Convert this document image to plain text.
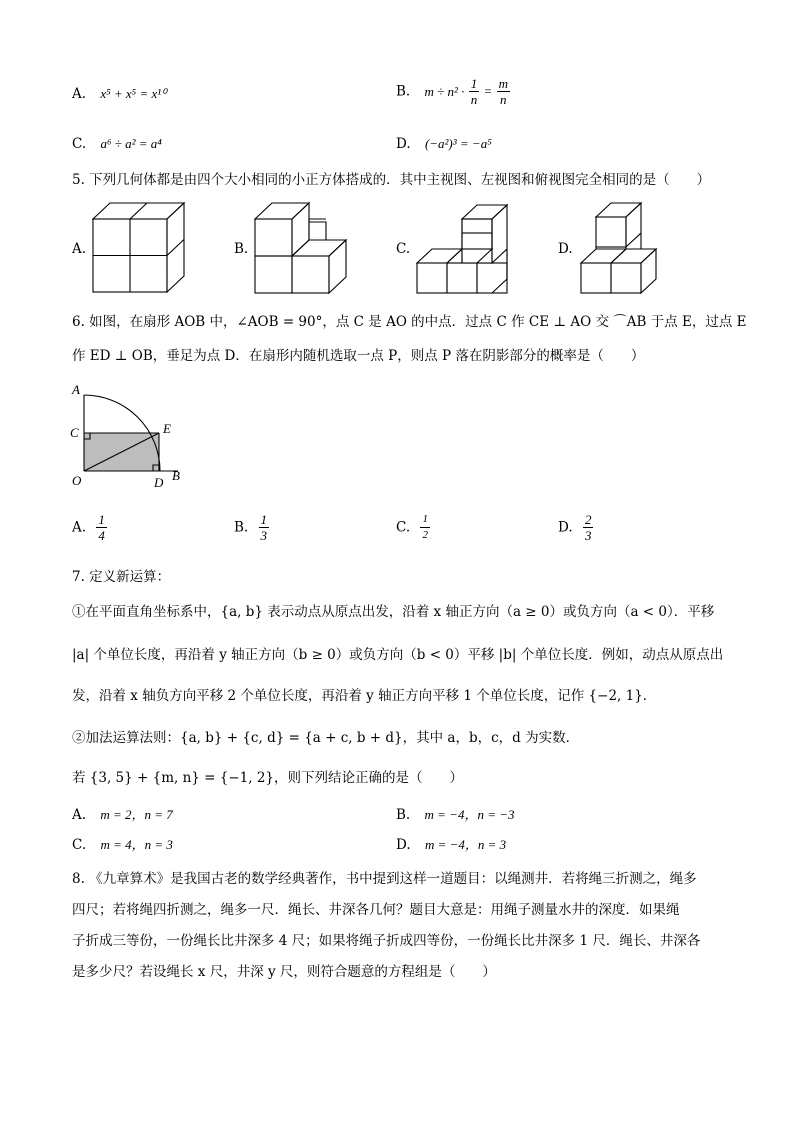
A. x⁵ + x⁵ = x¹⁰	B. $m \div n^2 \cdot \frac{1}{n} = \frac{m}{n}$
C. a⁶ ÷ a² = a⁴	D. (−a²)³ = −a⁵
5. 下列几何体都是由四个大小相同的小正方体搭成的．其中主视图、左视图和俯视图完全相同的是（　　）
A.	B.	C.	D.
6. 如图，在扇形 AOB 中，∠AOB = 90°，点 C 是 AO 的中点．过点 C 作 CE ⊥ AO 交 ⌒AB 于点 E，过点 E
作 ED ⊥ OB，垂足为点 D．在扇形内随机选取一点 P，则点 P 落在阴影部分的概率是（　　）
A
C	E
O	D B
A. $\frac{1}{4}$	B. $\frac{1}{3}$	C. $\frac{1}{2}$	D. $\frac{2}{3}$
7. 定义新运算：
①在平面直角坐标系中，{a, b} 表示动点从原点出发，沿着 x 轴正方向（a ≥ 0）或负方向（a < 0）．平移
|a| 个单位长度，再沿着 y 轴正方向（b ≥ 0）或负方向（b < 0）平移 |b| 个单位长度．例如，动点从原点出
发，沿着 x 轴负方向平移 2 个单位长度，再沿着 y 轴正方向平移 1 个单位长度，记作 {−2, 1}．
②加法运算法则：{a, b} + {c, d} = {a + c, b + d}，其中 a，b，c，d 为实数．
若 {3, 5} + {m, n} = {−1, 2}，则下列结论正确的是（　　）
A. m = 2，n = 7	B. m = −4，n = −3
C. m = 4，n = 3	D. m = −4，n = 3
8. 《九章算术》是我国古老的数学经典著作，书中提到这样一道题目：以绳测井．若将绳三折测之，绳多
四尺；若将绳四折测之，绳多一尺．绳长、井深各几何？题目大意是：用绳子测量水井的深度．如果绳
子折成三等份，一份绳长比井深多 4 尺；如果将绳子折成四等份，一份绳长比井深多 1 尺．绳长、井深各
是多少尺？若设绳长 x 尺，井深 y 尺，则符合题意的方程组是（　　）
